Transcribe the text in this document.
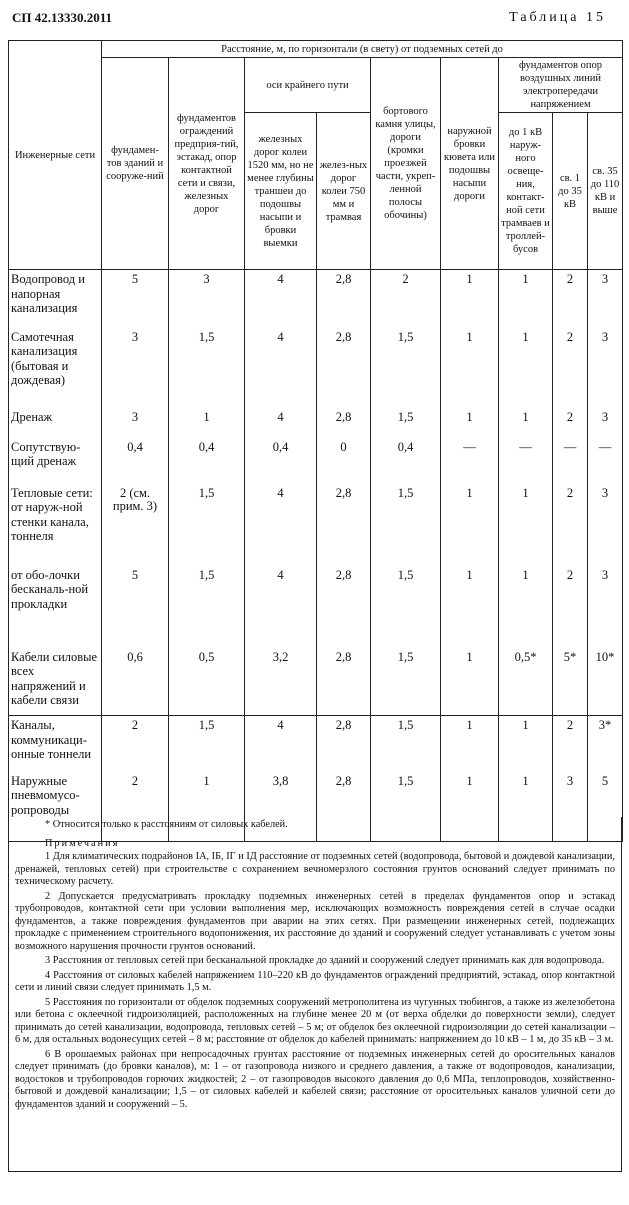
СП 42.13330.2011	Таблица 15
Инженерные сети	Расстояние, м, по горизонтали (в свету) от подземных сетей до								
	фундамен-тов зданий и сооруже-ний	фундаментов ограждений предприя-тий, эстакад, опор контактной сети и связи, железных дорог	оси крайнего пути		бортового камня улицы, дороги (кромки проезжей части, укреп-ленной полосы обочины)	наружной бровки кювета или подошвы насыпи дороги	фундаментов опор воздушных линий электропередачи напряжением		
			железных дорог колеи 1520 мм, но не менее глубины траншеи до подошвы насыпи и бровки выемки	желез-ных дорог колеи 750 мм и трамвая			до 1 кВ наруж-ного освеще-ния, контакт-ной сети трамваев и троллей-бусов	св. 1 до 35 кВ	св. 35 до 110 кВ и выше
Водопровод и напорная канализация	5	3	4	2,8	2	1	1	2	3
Самотечная канализация (бытовая и дождевая)	3	1,5	4	2,8	1,5	1	1	2	3
Дренаж	3	1	4	2,8	1,5	1	1	2	3
Сопутствую-щий дренаж	0,4	0,4	0,4	0	0,4	—	—	—	—
Тепловые сети: от наруж-ной стенки канала, тоннеля	2 (см. прим. 3)	1,5	4	2,8	1,5	1	1	2	3
от обо-лочки бесканаль-ной прокладки	5	1,5	4	2,8	1,5	1	1	2	3
Кабели силовые всех напряжений и кабели связи	0,6	0,5	3,2	2,8	1,5	1	0,5*	5*	10*
Каналы, коммуникаци-онные тоннели	2	1,5	4	2,8	1,5	1	1	2	3*
Наружные пневмомусо-ропроводы	2	1	3,8	2,8	1,5	1	1	3	5

* Относится только к расстояниям от силовых кабелей.

Примечания

1 Для климатических подрайонов IA, IБ, IГ и IД расстояние от подземных сетей (водопровода, бытовой и дождевой канализации, дренажей, тепловых сетей) при строительстве с сохранением вечномерзлого состояния грунтов оснований следует принимать по техническому расчету.

2 Допускается предусматривать прокладку подземных инженерных сетей в пределах фундаментов опор и эстакад трубопроводов, контактной сети при условии выполнения мер, исключающих возможность повреждения сетей в случае осадки фундаментов, а также повреждения фундаментов при аварии на этих сетях. При размещении инженерных сетей, подлежащих прокладке с применением строительного водопонижения, их расстояние до зданий и сооружений следует устанавливать с учетом зоны возможного нарушения прочности грунтов оснований.

3 Расстояния от тепловых сетей при бесканальной прокладке до зданий и сооружений следует принимать как для водопровода.

4 Расстояния от силовых кабелей напряжением 110–220 кВ до фундаментов ограждений предприятий, эстакад, опор контактной сети и линий связи следует принимать 1,5 м.

5 Расстояния по горизонтали от обделок подземных сооружений метрополитена из чугунных тюбингов, а также из железобетона или бетона с оклеечной гидроизоляцией, расположенных на глубине менее 20 м (от верха обделки до поверхности земли), следует принимать до сетей канализации, водопровода, тепловых сетей – 5 м; от обделок без оклеечной гидроизоляции до сетей канализации – 6 м, для остальных водонесущих сетей – 8 м; расстояние от обделок до кабелей принимать: напряжением до 10 кВ – 1 м, до 35 кВ – 3 м.

6 В орошаемых районах при непросадочных грунтах расстояние от подземных инженерных сетей до оросительных каналов следует принимать (до бровки каналов), м: 1 – от газопровода низкого и среднего давления, а также от водопроводов, канализации, водостоков и трубопроводов горючих жидкостей; 2 – от газопроводов высокого давления до 0,6 МПа, теплопроводов, хозяйственно-бытовой и дождевой канализации; 1,5 – от силовых кабелей и кабелей связи; расстояние от оросительных каналов уличной сети до фундаментов зданий и сооружений – 5.
